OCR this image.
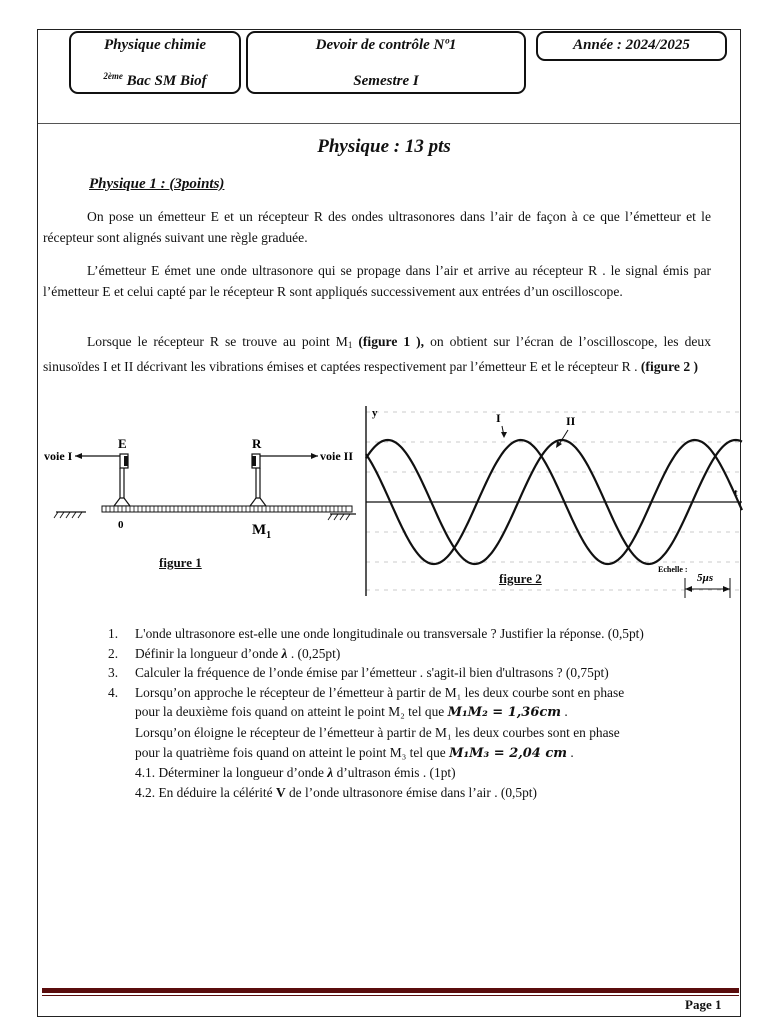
Physique chimie
$^{2ème}$ Bac SM Biof
Devoir de contrôle Nº1
Semestre I
Année : 2024/2025
Physique : 13 pts
Physique 1 : (3points)
On pose un émetteur E et un récepteur R des ondes ultrasonores dans l’air de façon à ce que l’émetteur et le récepteur sont alignés suivant une règle graduée.
L’émetteur E émet une onde ultrasonore qui se propage dans l’air et arrive au récepteur R . le signal émis par l’émetteur E et celui capté par le récepteur R sont appliqués successivement aux entrées d’un oscilloscope.
Lorsque le récepteur R se trouve au point $M_1$ (figure 1 ), on obtient sur l’écran de l’oscilloscope, les deux sinusoïdes I et II décrivant les vibrations émises et captées respectivement par l’émetteur E et le récepteur R . (figure 2 )
voie I
E	R
voie II
0	$M_1$
figure 1
y
t
I	II
Echelle :
5µs
figure 2
1. L'onde ultrasonore est-elle une onde longitudinale ou transversale ? Justifier la réponse. (0,5pt)
2. Définir la longueur d’onde λ . (0,25pt)
3. Calculer la fréquence de l’onde émise par l’émetteur . s'agit-il bien d'ultrasons ? (0,75pt)
4. Lorsqu’on approche le récepteur de l’émetteur à partir de M₁ les deux courbe sont en phase
pour la deuxième fois quand on atteint le point M₂ tel que M₁M₂ = 1,36cm .
Lorsqu’on éloigne le récepteur de l’émetteur à partir de M₁ les deux courbes sont en phase
pour la quatrième fois quand on atteint le point M₃ tel que M₁M₃ = 2,04 cm .
4.1. Déterminer la longueur d’onde λ d’ultrason émis . (1pt)
4.2. En déduire la célérité V de l’onde ultrasonore émise dans l’air . (0,5pt)
Page 1
